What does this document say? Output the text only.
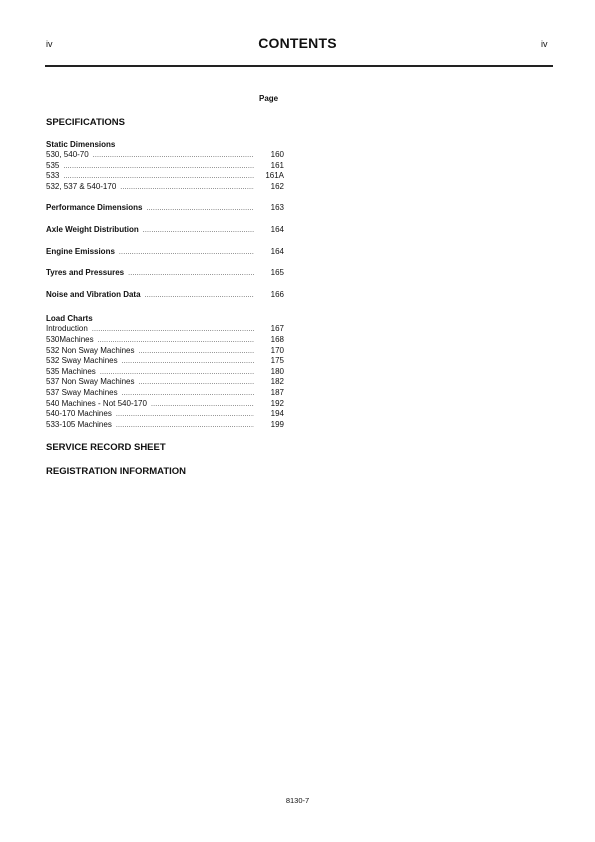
iv	CONTENTS	iv
Page
SPECIFICATIONS
Static Dimensions
530, 540-70 .....	160
535 .....	161
533 .....	161A
532, 537 & 540-170 .....	162
Performance Dimensions .....	163
Axle Weight Distribution .....	164
Engine Emissions .....	164
Tyres and Pressures .....	165
Noise and Vibration Data .....	166
Load Charts
Introduction .....	167
530Machines .....	168
532 Non Sway Machines .....	170
532 Sway Machines .....	175
535 Machines .....	180
537 Non Sway Machines .....	182
537 Sway Machines .....	187
540 Machines - Not 540-170 .....	192
540-170 Machines .....	194
533-105 Machines .....	199
SERVICE RECORD SHEET
REGISTRATION INFORMATION
8130-7
